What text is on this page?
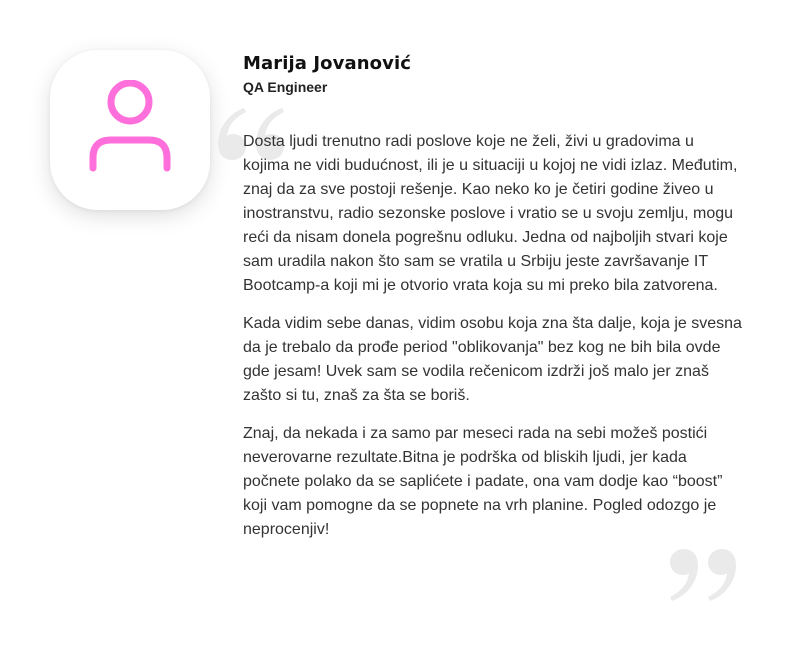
Marija Jovanović
QA Engineer

Dosta ljudi trenutno radi poslove koje ne želi, živi u gradovima u kojima ne vidi budućnost, ili je u situaciji u kojoj ne vidi izlaz. Međutim, znaj da za sve postoji rešenje. Kao neko ko je četiri godine živeo u inostranstvu, radio sezonske poslove i vratio se u svoju zemlju, mogu reći da nisam donela pogrešnu odluku. Jedna od najboljih stvari koje sam uradila nakon što sam se vratila u Srbiju jeste završavanje IT Bootcamp-a koji mi je otvorio vrata koja su mi preko bila zatvorena.

Kada vidim sebe danas, vidim osobu koja zna šta dalje, koja je svesna da je trebalo da prođe period "oblikovanja" bez kog ne bih bila ovde gde jesam! Uvek sam se vodila rečenicom izdrži još malo jer znaš zašto si tu, znaš za šta se boriš.

Znaj, da nekada i za samo par meseci rada na sebi možeš postići neverovarne rezultate.Bitna je podrška od bliskih ljudi, jer kada počnete polako da se saplićete i padate, ona vam dodje kao “boost” koji vam pomogne da se popnete na vrh planine. Pogled odozgo je neprocenjiv!
